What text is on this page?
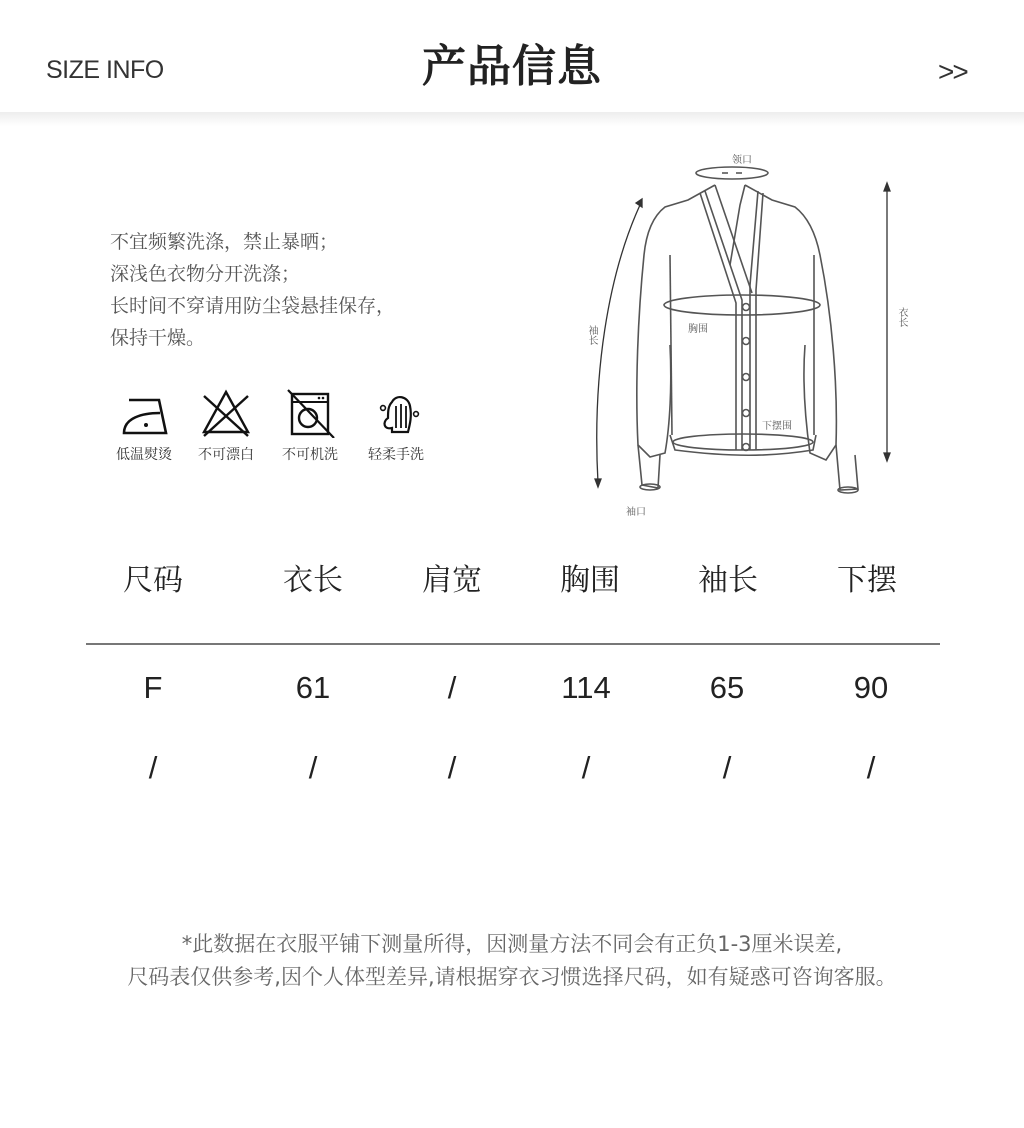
SIZE INFO	产品信息	>>
不宜频繁洗涤，禁止暴晒；
深浅色衣物分开洗涤；
长时间不穿请用防尘袋悬挂保存，
保持干燥。
低温熨烫	不可漂白	不可机洗	轻柔手洗
领口
胸围
下摆围
衣长
袖长
袖口
尺码	衣长	肩宽	胸围	袖长	下摆
F	61	/	114	65	90
/	/	/	/	/	/
*此数据在衣服平铺下测量所得，因测量方法不同会有正负1-3厘米误差,
尺码表仅供参考,因个人体型差异,请根据穿衣习惯选择尺码，如有疑惑可咨询客服。
